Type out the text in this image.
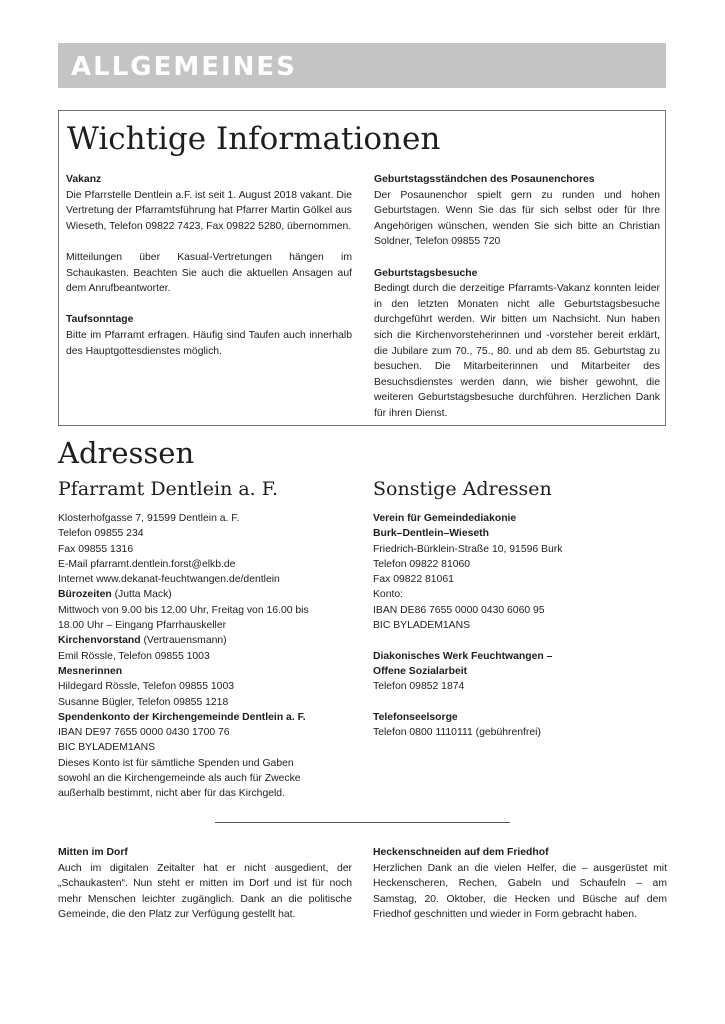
ALLGEMEINES
Wichtige Informationen
Vakanz

Die Pfarrstelle Dentlein a.F. ist seit 1. August 2018 vakant. Die Vertretung der Pfarramtsführung hat Pfarrer Martin Gölkel aus Wieseth, Telefon 09822 7423, Fax 09822 5280, übernommen.

Mitteilungen über Kasual-Vertretungen hängen im Schaukasten. Beachten Sie auch die aktuellen Ansagen auf dem Anrufbeantworter.

Taufsonntage

Bitte im Pfarramt erfragen. Häufig sind Taufen auch innerhalb des Hauptgottesdienstes möglich.

Geburtstagsständchen des Posaunenchores

Der Posaunenchor spielt gern zu runden und hohen Geburtstagen. Wenn Sie das für sich selbst oder für Ihre Angehörigen wünschen, wenden Sie sich bitte an Christian Soldner, Telefon 09855 720

Geburtstagsbesuche

Bedingt durch die derzeitige Pfarramts-Vakanz konnten leider in den letzten Monaten nicht alle Geburtstagsbesuche durchgeführt werden. Wir bitten um Nachsicht. Nun haben sich die Kirchenvorsteherinnen und -vorsteher bereit erklärt, die Jubilare zum 70., 75., 80. und ab dem 85. Geburtstag zu besuchen. Die Mitarbeiterinnen und Mitarbeiter des Besuchsdienstes werden dann, wie bisher gewohnt, die weiteren Geburtstagsbesuche durchführen. Herzlichen Dank für ihren Dienst.

Adressen
Pfarramt Dentlein a. F.	Sonstige Adressen
Klosterhofgasse 7, 91599 Dentlein a. F.
Telefon 09855 234
Fax 09855 1316
E-Mail pfarramt.dentlein.forst@elkb.de
Internet www.dekanat-feuchtwangen.de/dentlein
Bürozeiten (Jutta Mack)
Mittwoch von 9.00 bis 12.00 Uhr, Freitag von 16.00 bis
18.00 Uhr – Eingang Pfarrhauskeller
Kirchenvorstand (Vertrauensmann)
Emil Rössle, Telefon 09855 1003
Mesnerinnen
Hildegard Rössle, Telefon 09855 1003
Susanne Bügler, Telefon 09855 1218
Spendenkonto der Kirchengemeinde Dentlein a. F.
IBAN DE97 7655 0000 0430 1700 76
BIC BYLADEM1ANS
Dieses Konto ist für sämtliche Spenden und Gaben
sowohl an die Kirchengemeinde als auch für Zwecke
außerhalb bestimmt, nicht aber für das Kirchgeld.
Verein für Gemeindediakonie
Burk–Dentlein–Wieseth
Friedrich-Bürklein-Straße 10, 91596 Burk
Telefon 09822 81060
Fax 09822 81061
Konto:
IBAN DE86 7655 0000 0430 6060 95
BIC BYLADEM1ANS

Diakonisches Werk Feuchtwangen –
Offene Sozialarbeit
Telefon 09852 1874

Telefonseelsorge
Telefon 0800 1110111 (gebührenfrei)
Mitten im Dorf

Auch im digitalen Zeitalter hat er nicht ausgedient, der „Schaukasten“. Nun steht er mitten im Dorf und ist für noch mehr Menschen leichter zugänglich. Dank an die politische Gemeinde, die den Platz zur Verfügung gestellt hat.

Heckenschneiden auf dem Friedhof

Herzlichen Dank an die vielen Helfer, die – ausgerüstet mit Heckenscheren, Rechen, Gabeln und Schaufeln – am Samstag, 20. Oktober, die Hecken und Büsche auf dem Friedhof geschnitten und wieder in Form gebracht haben.
